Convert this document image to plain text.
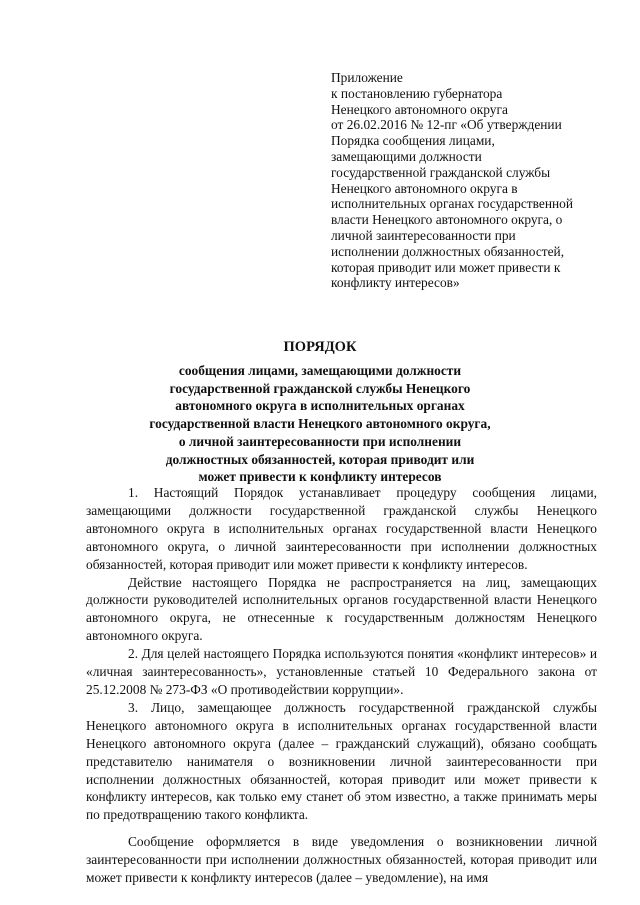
Приложение
к постановлению губернатора
Ненецкого автономного округа
от 26.02.2016 № 12-пг «Об утверждении
Порядка сообщения лицами,
замещающими должности
государственной гражданской службы
Ненецкого автономного округа в
исполнительных органах государственной
власти Ненецкого автономного округа, о
личной заинтересованности при
исполнении должностных обязанностей,
которая приводит или может привести к
конфликту интересов»
ПОРЯДОК
сообщения лицами, замещающими должности
государственной гражданской службы Ненецкого
автономного округа в исполнительных органах
государственной власти Ненецкого автономного округа,
о личной заинтересованности при исполнении
должностных обязанностей, которая приводит или
может привести к конфликту интересов

1. Настоящий Порядок устанавливает процедуру сообщения лицами, замещающими должности государственной гражданской службы Ненецкого автономного округа в исполнительных органах государственной власти Ненецкого автономного округа, о личной заинтересованности при исполнении должностных обязанностей, которая приводит или может привести к конфликту интересов.

Действие настоящего Порядка не распространяется на лиц, замещающих должности руководителей исполнительных органов государственной власти Ненецкого автономного округа, не отнесенные к государственным должностям Ненецкого автономного округа.

2. Для целей настоящего Порядка используются понятия «конфликт интересов» и «личная заинтересованность», установленные статьей 10 Федерального закона от 25.12.2008 № 273-ФЗ «О противодействии коррупции».

3. Лицо, замещающее должность государственной гражданской службы Ненецкого автономного округа в исполнительных органах государственной власти Ненецкого автономного округа (далее – гражданский служащий), обязано сообщать представителю нанимателя о возникновении личной заинтересованности при исполнении должностных обязанностей, которая приводит или может привести к конфликту интересов, как только ему станет об этом известно, а также принимать меры по предотвращению такого конфликта.

Сообщение оформляется в виде уведомления о возникновении личной заинтересованности при исполнении должностных обязанностей, которая приводит или может привести к конфликту интересов (далее – уведомление), на имя
